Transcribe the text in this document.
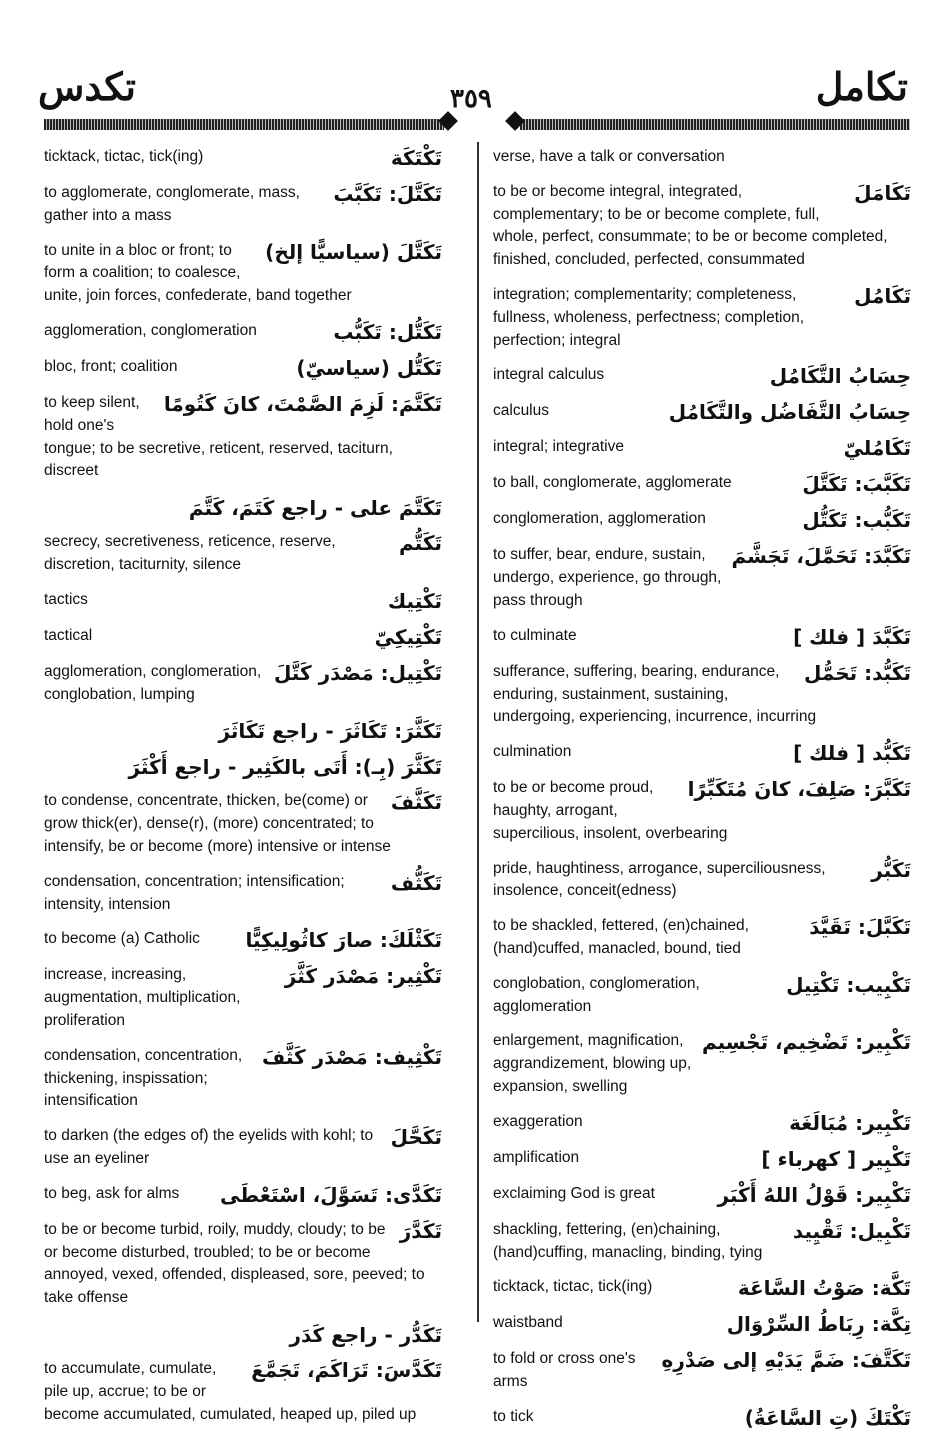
تكامل
٣٥٩
تكدس
verse, have a talk or conversation
تَكَامَلَ
to be or become integral, integrated, complementary; to be or become complete, full, whole, perfect, consummate; to be or become completed, finished, concluded, perfected, consummated
تَكَامُل
integration; complementarity; completeness, fullness, wholeness, perfectness; completion, perfection; integral
حِسَابُ التَّكَامُل
integral calculus
حِسَابُ التَّفَاضُل والتَّكَامُل
calculus
تَكَامُليّ
integral; integrative
تَكَبَّبَ: تَكَتَّلَ
to ball, conglomerate, agglomerate
تَكَبُّب: تَكَتُّل
conglomeration, agglomeration
تَكَبَّدَ: تَحَمَّلَ، تَجَشَّمَ
to suffer, bear, endure, sustain, undergo, experience, go through, pass through
تَكَبَّدَ [ فلك ]
to culminate
تَكَبُّد: تَحَمُّل
sufferance, suffering, bearing, endurance, enduring, sustainment, sustaining, undergoing, experiencing, incurrence, incurring
تَكَبُّد [ فلك ]
culmination
تَكَبَّرَ: صَلِفَ، كانَ مُتَكَبِّرًا
to be or become proud, haughty, arrogant, supercilious, insolent, overbearing
تَكَبُّر
pride, haughtiness, arrogance, superciliousness, insolence, conceit(edness)
تَكَبَّلَ: تَقَيَّدَ
to be shackled, fettered, (en)chained, (hand)cuffed, manacled, bound, tied
تَكْبِيب: تَكْتِيل
conglobation, conglomeration, agglomeration
تَكْبِير: تَضْخِيم، تَجْسِيم
enlargement, magnification, aggrandizement, blowing up, expansion, swelling
تَكْبِير: مُبَالَغَة
exaggeration
تَكْبِير [ كهرباء ]
amplification
تَكْبِير: قَوْلُ اللهُ أَكْبَر
exclaiming God is great
تَكْبِيل: تَقْيِيد
shackling, fettering, (en)chaining, (hand)cuffing, manacling, binding, tying
تَكَّة: صَوْتُ السَّاعَة
ticktack, tictac, tick(ing)
تِكَّة: رِبَاطُ السِّرْوَال
waistband
تَكَتَّفَ: ضَمَّ يَدَيْهِ إلى صَدْرِهِ
to fold or cross one's arms
تَكْتَكَ (تِ السَّاعَةُ)
to tick
تَكْتَكَة
ticktack, tictac, tick(ing)
تَكَتَّلَ: تَكَبَّبَ
to agglomerate, conglomerate, mass, gather into a mass
تَكَتَّلَ (سياسيًّا إلخ)
to unite in a bloc or front; to form a coalition; to coalesce, unite, join forces, confederate, band together
تَكَتُّل: تَكَبُّب
agglomeration, conglomeration
تَكَتُّل (سياسيّ)
bloc, front; coalition
تَكَتَّمَ: لَزِمَ الصَّمْتَ، كانَ كَتُومًا
to keep silent, hold one's tongue; to be secretive, reticent, reserved, taciturn, discreet
تَكَتَّمَ على - راجع كَتَمَ، كَتَّمَ
تَكَتُّم
secrecy, secretiveness, reticence, reserve, discretion, taciturnity, silence
تَكْتِيك
tactics
تَكْتِيكِيّ
tactical
تَكْتِيل: مَصْدَر كَتَّلَ
agglomeration, conglomeration, conglobation, lumping
تَكَثَّرَ: تَكَاثَرَ - راجع تَكَاثَرَ
تَكَثَّرَ (بِـ): أَتَى بالكَثِير - راجع أَكْثَرَ
تَكَثَّفَ
to condense, concentrate, thicken, be(come) or grow thick(er), dense(r), (more) concentrated; to intensify, be or become (more) intensive or intense
تَكَثُّف
condensation, concentration; intensification; intensity, intension
تَكَثْلَكَ: صارَ كاثُولِيكِيًّا
to become (a) Catholic
تَكْثِير: مَصْدَر كَثَّرَ
increase, increasing, augmentation, multiplication, proliferation
تَكْثِيف: مَصْدَر كَثَّفَ
condensation, concentration, thickening, inspissation; intensification
تَكَحَّلَ
to darken (the edges of) the eyelids with kohl; to use an eyeliner
تَكَدَّى: تَسَوَّلَ، اسْتَعْطَى
to beg, ask for alms
تَكَدَّرَ
to be or become turbid, roily, muddy, cloudy; to be or become disturbed, troubled; to be or become annoyed, vexed, offended, displeased, sore, peeved; to take offense
تَكَدُّر - راجع كَدَر
تَكَدَّسَ: تَرَاكَمَ، تَجَمَّعَ
to accumulate, cumulate, pile up, accrue; to be or become accumulated, cumulated, heaped up, piled up
